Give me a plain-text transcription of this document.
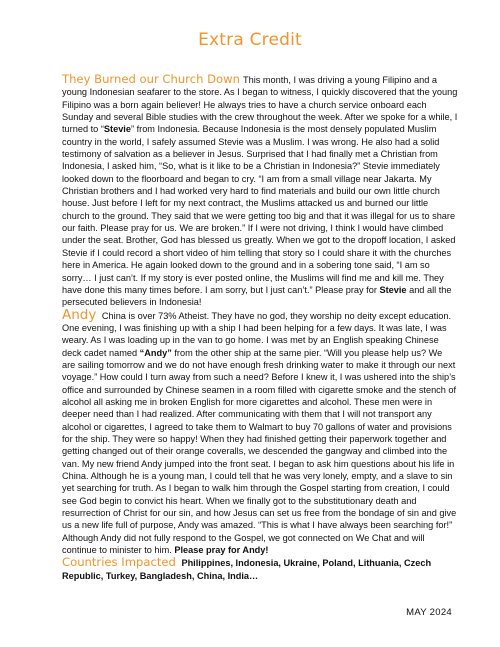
Extra Credit

They Burned our Church Down This month, I was driving a young Filipino and a young Indonesian seafarer to the store. As I began to witness, I quickly discovered that the young Filipino was a born again believer! He always tries to have a church service onboard each Sunday and several Bible studies with the crew throughout the week. After we spoke for a while, I turned to “Stevie” from Indonesia. Because Indonesia is the most densely populated Muslim country in the world, I safely assumed Stevie was a Muslim. I was wrong. He also had a solid testimony of salvation as a believer in Jesus. Surprised that I had finally met a Christian from Indonesia, I asked him, “So, what is it like to be a Christian in Indonesia?” Stevie immediately looked down to the floorboard and began to cry. “I am from a small village near Jakarta. My Christian brothers and I had worked very hard to find materials and build our own little church house. Just before I left for my next contract, the Muslims attacked us and burned our little church to the ground. They said that we were getting too big and that it was illegal for us to share our faith. Please pray for us. We are broken.” If I were not driving, I think I would have climbed under the seat. Brother, God has blessed us greatly. When we got to the dropoff location, I asked Stevie if I could record a short video of him telling that story so I could share it with the churches here in America. He again looked down to the ground and in a sobering tone said, “I am so sorry… I just can’t. If my story is ever posted online, the Muslims will find me and kill me. They have done this many times before. I am sorry, but I just can’t.” Please pray for Stevie and all the persecuted believers in Indonesia!

Andy China is over 73% Atheist. They have no god, they worship no deity except education. One evening, I was finishing up with a ship I had been helping for a few days. It was late, I was weary. As I was loading up in the van to go home. I was met by an English speaking Chinese deck cadet named “Andy” from the other ship at the same pier. “Will you please help us? We are sailing tomorrow and we do not have enough fresh drinking water to make it through our next voyage.” How could I turn away from such a need? Before I knew it, I was ushered into the ship’s office and surrounded by Chinese seamen in a room filled with cigarette smoke and the stench of alcohol all asking me in broken English for more cigarettes and alcohol. These men were in deeper need than I had realized. After communicating with them that I will not transport any alcohol or cigarettes, I agreed to take them to Walmart to buy 70 gallons of water and provisions for the ship. They were so happy! When they had finished getting their paperwork together and getting changed out of their orange coveralls, we descended the gangway and climbed into the van. My new friend Andy jumped into the front seat. I began to ask him questions about his life in China. Although he is a young man, I could tell that he was very lonely, empty, and a slave to sin yet searching for truth. As I began to walk him through the Gospel starting from creation, I could see God begin to convict his heart. When we finally got to the substitutionary death and resurrection of Christ for our sin, and how Jesus can set us free from the bondage of sin and give us a new life full of purpose, Andy was amazed. “This is what I have always been searching for!” Although Andy did not fully respond to the Gospel, we got connected on We Chat and will continue to minister to him. Please pray for Andy!

Countries Impacted Philippines, Indonesia, Ukraine, Poland, Lithuania, Czech Republic, Turkey, Bangladesh, China, India…

MAY 2024
